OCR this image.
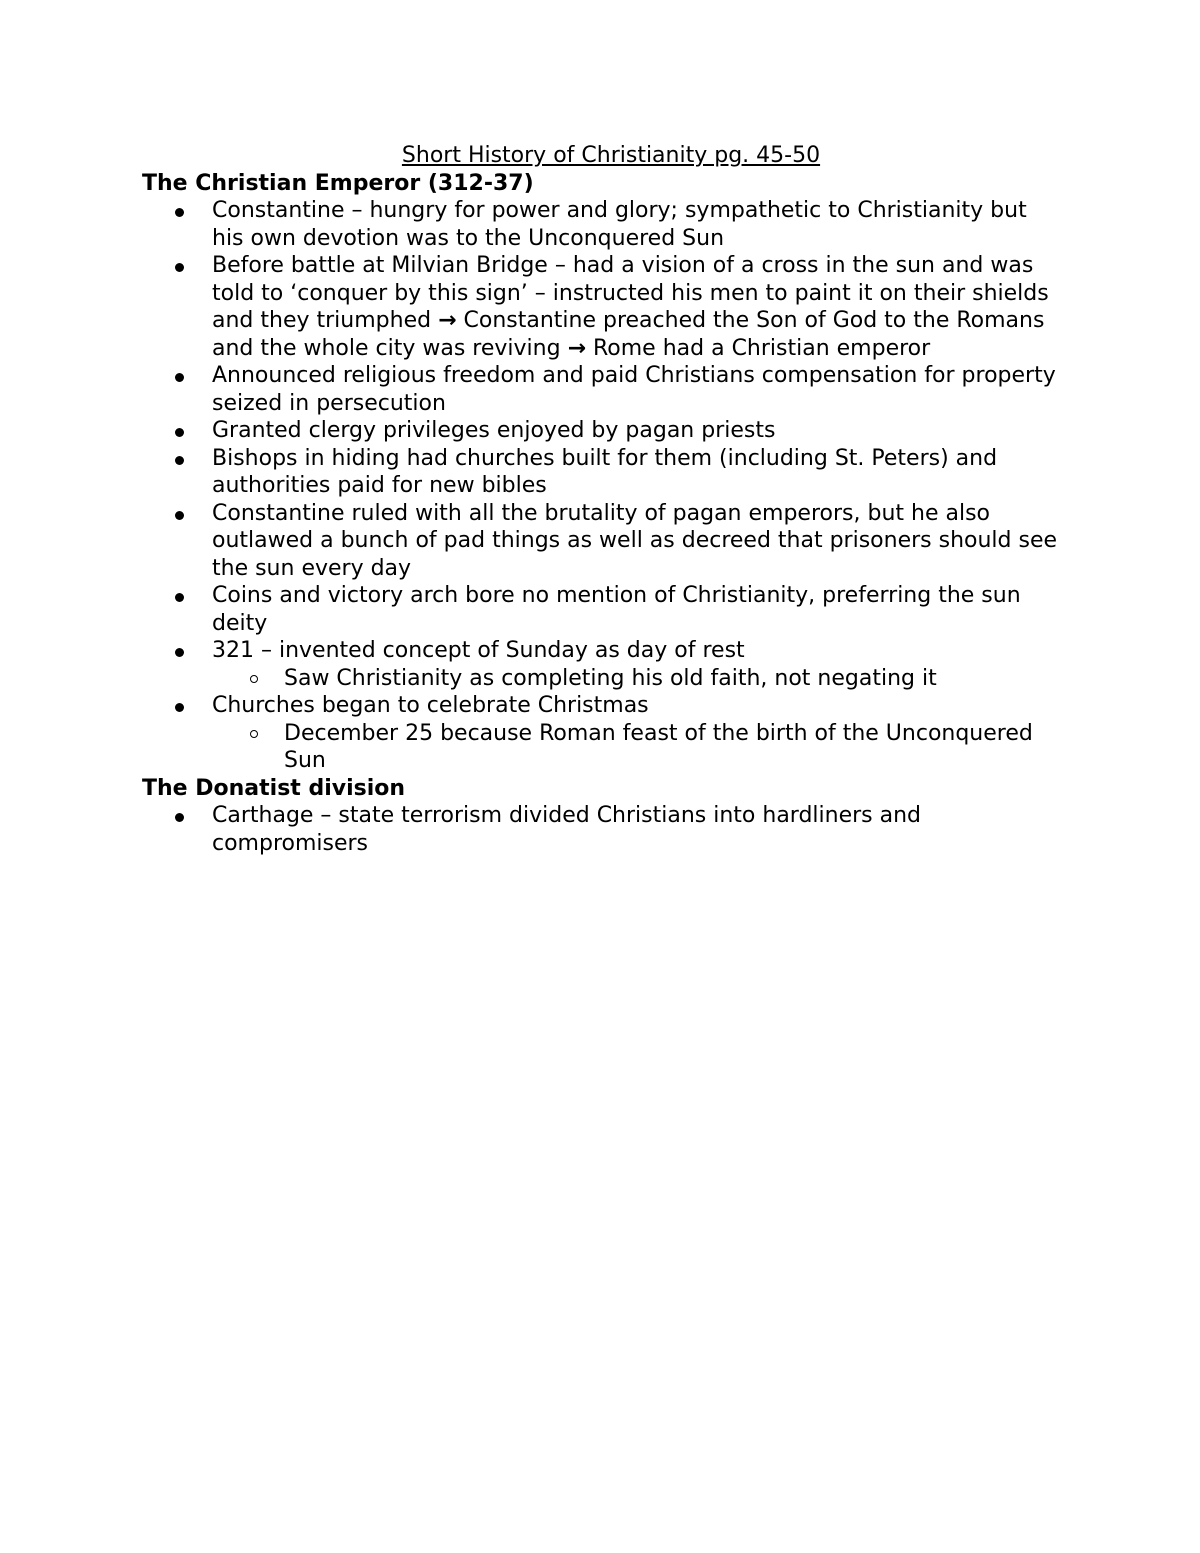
Short History of Christianity pg. 45-50

The Christian Emperor (312-37)

Constantine – hungry for power and glory; sympathetic to Christianity but his own devotion was to the Unconquered Sun
Before battle at Milvian Bridge – had a vision of a cross in the sun and was told to ‘conquer by this sign’ – instructed his men to paint it on their shields and they triumphed → Constantine preached the Son of God to the Romans and the whole city was reviving → Rome had a Christian emperor
Announced religious freedom and paid Christians compensation for property seized in persecution
Granted clergy privileges enjoyed by pagan priests
Bishops in hiding had churches built for them (including St. Peters) and authorities paid for new bibles
Constantine ruled with all the brutality of pagan emperors, but he also outlawed a bunch of pad things as well as decreed that prisoners should see the sun every day
Coins and victory arch bore no mention of Christianity, preferring the sun deity
321 – invented concept of Sunday as day of rest
Saw Christianity as completing his old faith, not negating it
Churches began to celebrate Christmas
December 25 because Roman feast of the birth of the Unconquered Sun

The Donatist division

Carthage – state terrorism divided Christians into hardliners and compromisers
